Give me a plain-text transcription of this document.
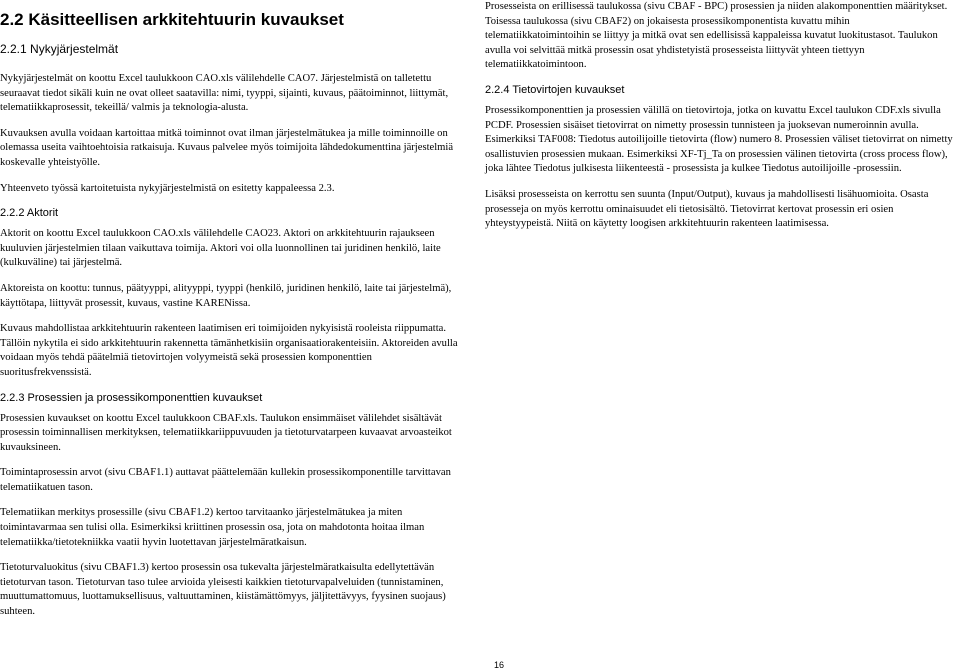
2.2 Käsitteellisen arkkitehtuurin kuvaukset
2.2.1 Nykyjärjestelmät

Nykyjärjestelmät on koottu Excel taulukkoon CAO.xls välilehdelle CAO7. Järjestelmistä on talletettu seuraavat tiedot sikäli kuin ne ovat olleet saatavilla: nimi, tyyppi, sijainti, kuvaus, päätoiminnot, liittymät, telematiikkaprosessit, tekeillä/ valmis ja teknologia-alusta.

Kuvauksen avulla voidaan kartoittaa mitkä toiminnot ovat ilman järjestelmätukea ja mille toiminnoille on olemassa useita vaihtoehtoisia ratkaisuja. Kuvaus palvelee myös toimijoita lähdedokumenttina järjestelmiä koskevalle yhteistyölle.

Yhteenveto työssä kartoitetuista nykyjärjestelmistä on esitetty kappaleessa 2.3.

2.2.2 Aktorit

Aktorit on koottu Excel taulukkoon CAO.xls välilehdelle CAO23. Aktori on arkkitehtuurin rajaukseen kuuluvien järjestelmien tilaan vaikuttava toimija. Aktori voi olla luonnollinen tai juridinen henkilö, laite (kulkuväline) tai järjestelmä.

Aktoreista on koottu: tunnus, päätyyppi, alityyppi, tyyppi (henkilö, juridinen henkilö, laite tai järjestelmä), käyttötapa, liittyvät prosessit, kuvaus, vastine KARENissa.

Kuvaus mahdollistaa arkkitehtuurin rakenteen laatimisen eri toimijoiden nykyisistä rooleista riippumatta. Tällöin nykytila ei sido arkkitehtuurin rakennetta tämänhetkisiin organisaatiorakenteisiin. Aktoreiden avulla voidaan myös tehdä päätelmiä tietovirtojen volyymeistä sekä prosessien komponenttien suoritusfrekvenssistä.

2.2.3 Prosessien ja prosessikomponenttien kuvaukset

Prosessien kuvaukset on koottu Excel taulukkoon CBAF.xls. Taulukon ensimmäiset välilehdet sisältävät prosessin toiminnallisen merkityksen, telematiikkariippuvuuden ja tietoturvatarpeen kuvaavat arvoasteikot kuvauksineen.

Toimintaprosessin arvot (sivu CBAF1.1) auttavat päättelemään kullekin prosessikomponentille tarvittavan telematiikatuen tason.

Telematiikan merkitys prosessille (sivu CBAF1.2) kertoo tarvitaanko järjestelmätukea ja miten toimintavarmaa sen tulisi olla. Esimerkiksi kriittinen prosessin osa, jota on mahdotonta hoitaa ilman telematiikka/tietotekniikka vaatii hyvin luotettavan järjestelmäratkaisun.

Tietoturvaluokitus (sivu CBAF1.3) kertoo prosessin osa tukevalta järjestelmäratkaisulta edellytettävän tietoturvan tason. Tietoturvan taso tulee arvioida yleisesti kaikkien tietoturvapalveluiden (tunnistaminen, muuttumattomuus, luottamuksellisuus, valtuuttaminen, kiistämättömyys, jäljitettävyys, fyysinen suojaus) suhteen.

Prosesseista on erillisessä taulukossa (sivu CBAF - BPC) prosessien ja niiden alakomponenttien määritykset. Toisessa taulukossa (sivu CBAF2) on jokaisesta prosessikomponentista kuvattu mihin telematiikkatoimintoihin se liittyy ja mitkä ovat sen edellisissä kappaleissa kuvatut luokitustasot. Taulukon avulla voi selvittää mitkä prosessin osat yhdistetyistä prosesseista liittyvät yhteen tiettyyn telematiikkatoimintoon.

2.2.4 Tietovirtojen kuvaukset

Prosessikomponenttien ja prosessien välillä on tietovirtoja, jotka on kuvattu Excel taulukon CDF.xls sivulla PCDF. Prosessien sisäiset tietovirrat on nimetty prosessin tunnisteen ja juoksevan numeroinnin avulla. Esimerkiksi TAF008: Tiedotus autoilijoille tietovirta (flow) numero 8. Prosessien väliset tietovirrat on nimetty osallistuvien prosessien mukaan. Esimerkiksi XF-Tj_Ta on prosessien välinen tietovirta (cross process flow), joka lähtee Tiedotus julkisesta liikenteestä - prosessista ja kulkee Tiedotus autoilijoille -prosessiin.

Lisäksi prosesseista on kerrottu sen suunta (Input/Output), kuvaus ja mahdollisesti lisähuomioita. Osasta prosesseja on myös kerrottu ominaisuudet eli tietosisältö. Tietovirrat kertovat prosessin eri osien yhteystyypeistä. Niitä on käytetty loogisen arkkitehtuurin rakenteen laatimisessa.

16
